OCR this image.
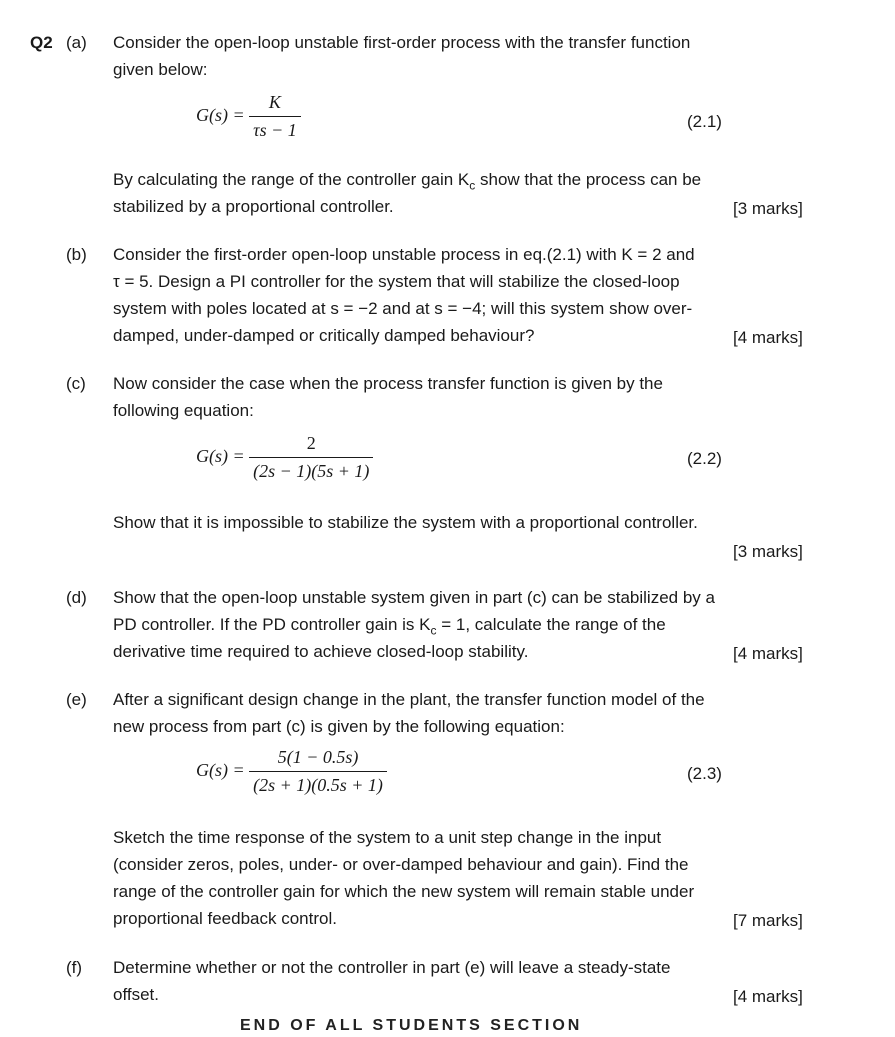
Q2 (a) Consider the open-loop unstable first-order process with the transfer function
given below:
$G(s) = \frac{K}{\tau s - 1}$	(2.1)
By calculating the range of the controller gain $K_c$ show that the process can be
stabilized by a proportional controller.	[3 marks]
(b) Consider the first-order open-loop unstable process in eq.(2.1) with K = 2 and
τ = 5. Design a PI controller for the system that will stabilize the closed-loop
system with poles located at s = −2 and at s = −4; will this system show over-
damped, under-damped or critically damped behaviour?	[4 marks]
(c) Now consider the case when the process transfer function is given by the
following equation:
$G(s) = \frac{2}{(2s - 1)(5s + 1)}$	(2.2)
Show that it is impossible to stabilize the system with a proportional controller.
[3 marks]
(d) Show that the open-loop unstable system given in part (c) can be stabilized by a
PD controller. If the PD controller gain is $K_c = 1$, calculate the range of the
derivative time required to achieve closed-loop stability.	[4 marks]
(e) After a significant design change in the plant, the transfer function model of the
new process from part (c) is given by the following equation:
$G(s) = \frac{5(1 - 0.5s)}{(2s + 1)(0.5s + 1)}$	(2.3)
Sketch the time response of the system to a unit step change in the input
(consider zeros, poles, under- or over-damped behaviour and gain). Find the
range of the controller gain for which the new system will remain stable under
proportional feedback control.	[7 marks]
(f) Determine whether or not the controller in part (e) will leave a steady-state
offset.	[4 marks]
END OF ALL STUDENTS SECTION
